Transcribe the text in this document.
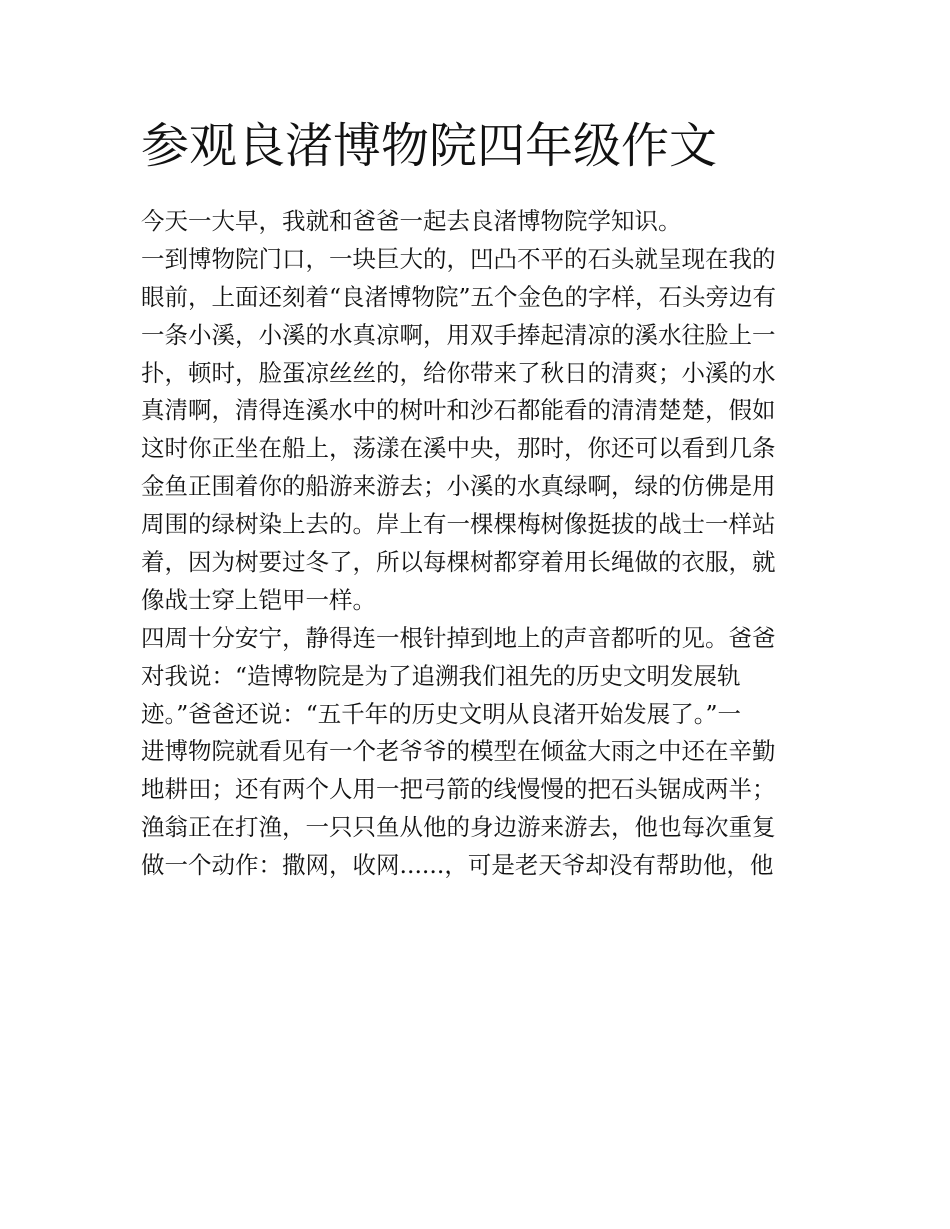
参观良渚博物院四年级作文
今天一大早，我就和爸爸一起去良渚博物院学知识。
一到博物院门口，一块巨大的，凹凸不平的石头就呈现在我的
眼前，上面还刻着“良渚博物院”五个金色的字样，石头旁边有
一条小溪，小溪的水真凉啊，用双手捧起清凉的溪水往脸上一
扑，顿时，脸蛋凉丝丝的，给你带来了秋日的清爽；小溪的水
真清啊，清得连溪水中的树叶和沙石都能看的清清楚楚，假如
这时你正坐在船上，荡漾在溪中央，那时，你还可以看到几条
金鱼正围着你的船游来游去；小溪的水真绿啊，绿的仿佛是用
周围的绿树染上去的。岸上有一棵棵梅树像挺拔的战士一样站
着，因为树要过冬了，所以每棵树都穿着用长绳做的衣服，就
像战士穿上铠甲一样。
四周十分安宁，静得连一根针掉到地上的声音都听的见。爸爸
对我说：“造博物院是为了追溯我们祖先的历史文明发展轨
迹。”爸爸还说：“五千年的历史文明从良渚开始发展了。”一
进博物院就看见有一个老爷爷的模型在倾盆大雨之中还在辛勤
地耕田；还有两个人用一把弓箭的线慢慢的把石头锯成两半；
渔翁正在打渔，一只只鱼从他的身边游来游去，他也每次重复
做一个动作：撒网，收网......，可是老天爷却没有帮助他，他
